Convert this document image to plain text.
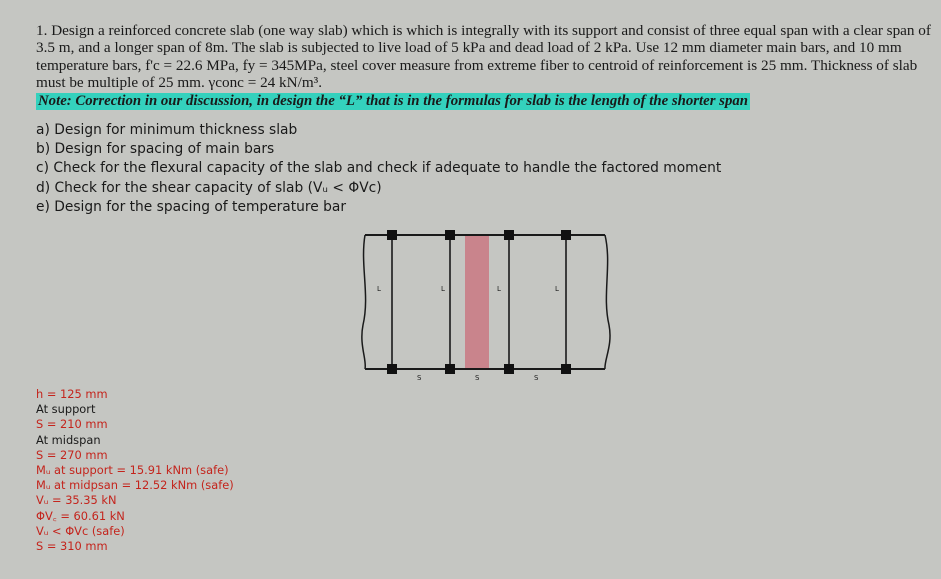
1. Design a reinforced concrete slab (one way slab) which is which is integrally with its support and consist of three equal span with a clear span of 3.5 m, and a longer span of 8m. The slab is subjected to live load of 5 kPa and dead load of 2 kPa. Use 12 mm diameter main bars, and 10 mm temperature bars, f'c = 22.6 MPa, fy = 345MPa, steel cover measure from extreme fiber to centroid of reinforcement is 25 mm. Thickness of slab must be multiple of 25 mm. γconc = 24 kN/m³.

Note: Correction in our discussion, in design the “L” that is in the formulas for slab is the length of the shorter span
a) Design for minimum thickness slab
b) Design for spacing of main bars
c) Check for the flexural capacity of the slab and check if adequate to handle the factored moment
d) Check for the shear capacity of slab (Vᵤ < ΦVc)
e) Design for the spacing of temperature bar
L	L	L	L
S	S	S
h = 125 mm
At support
S = 210 mm
At midspan
S = 270 mm
Mᵤ at support = 15.91 kNm (safe)
Mᵤ at midpsan = 12.52 kNm (safe)
Vᵤ = 35.35 kN
ΦV꜀ = 60.61 kN
Vᵤ < ΦVc (safe)
S = 310 mm
